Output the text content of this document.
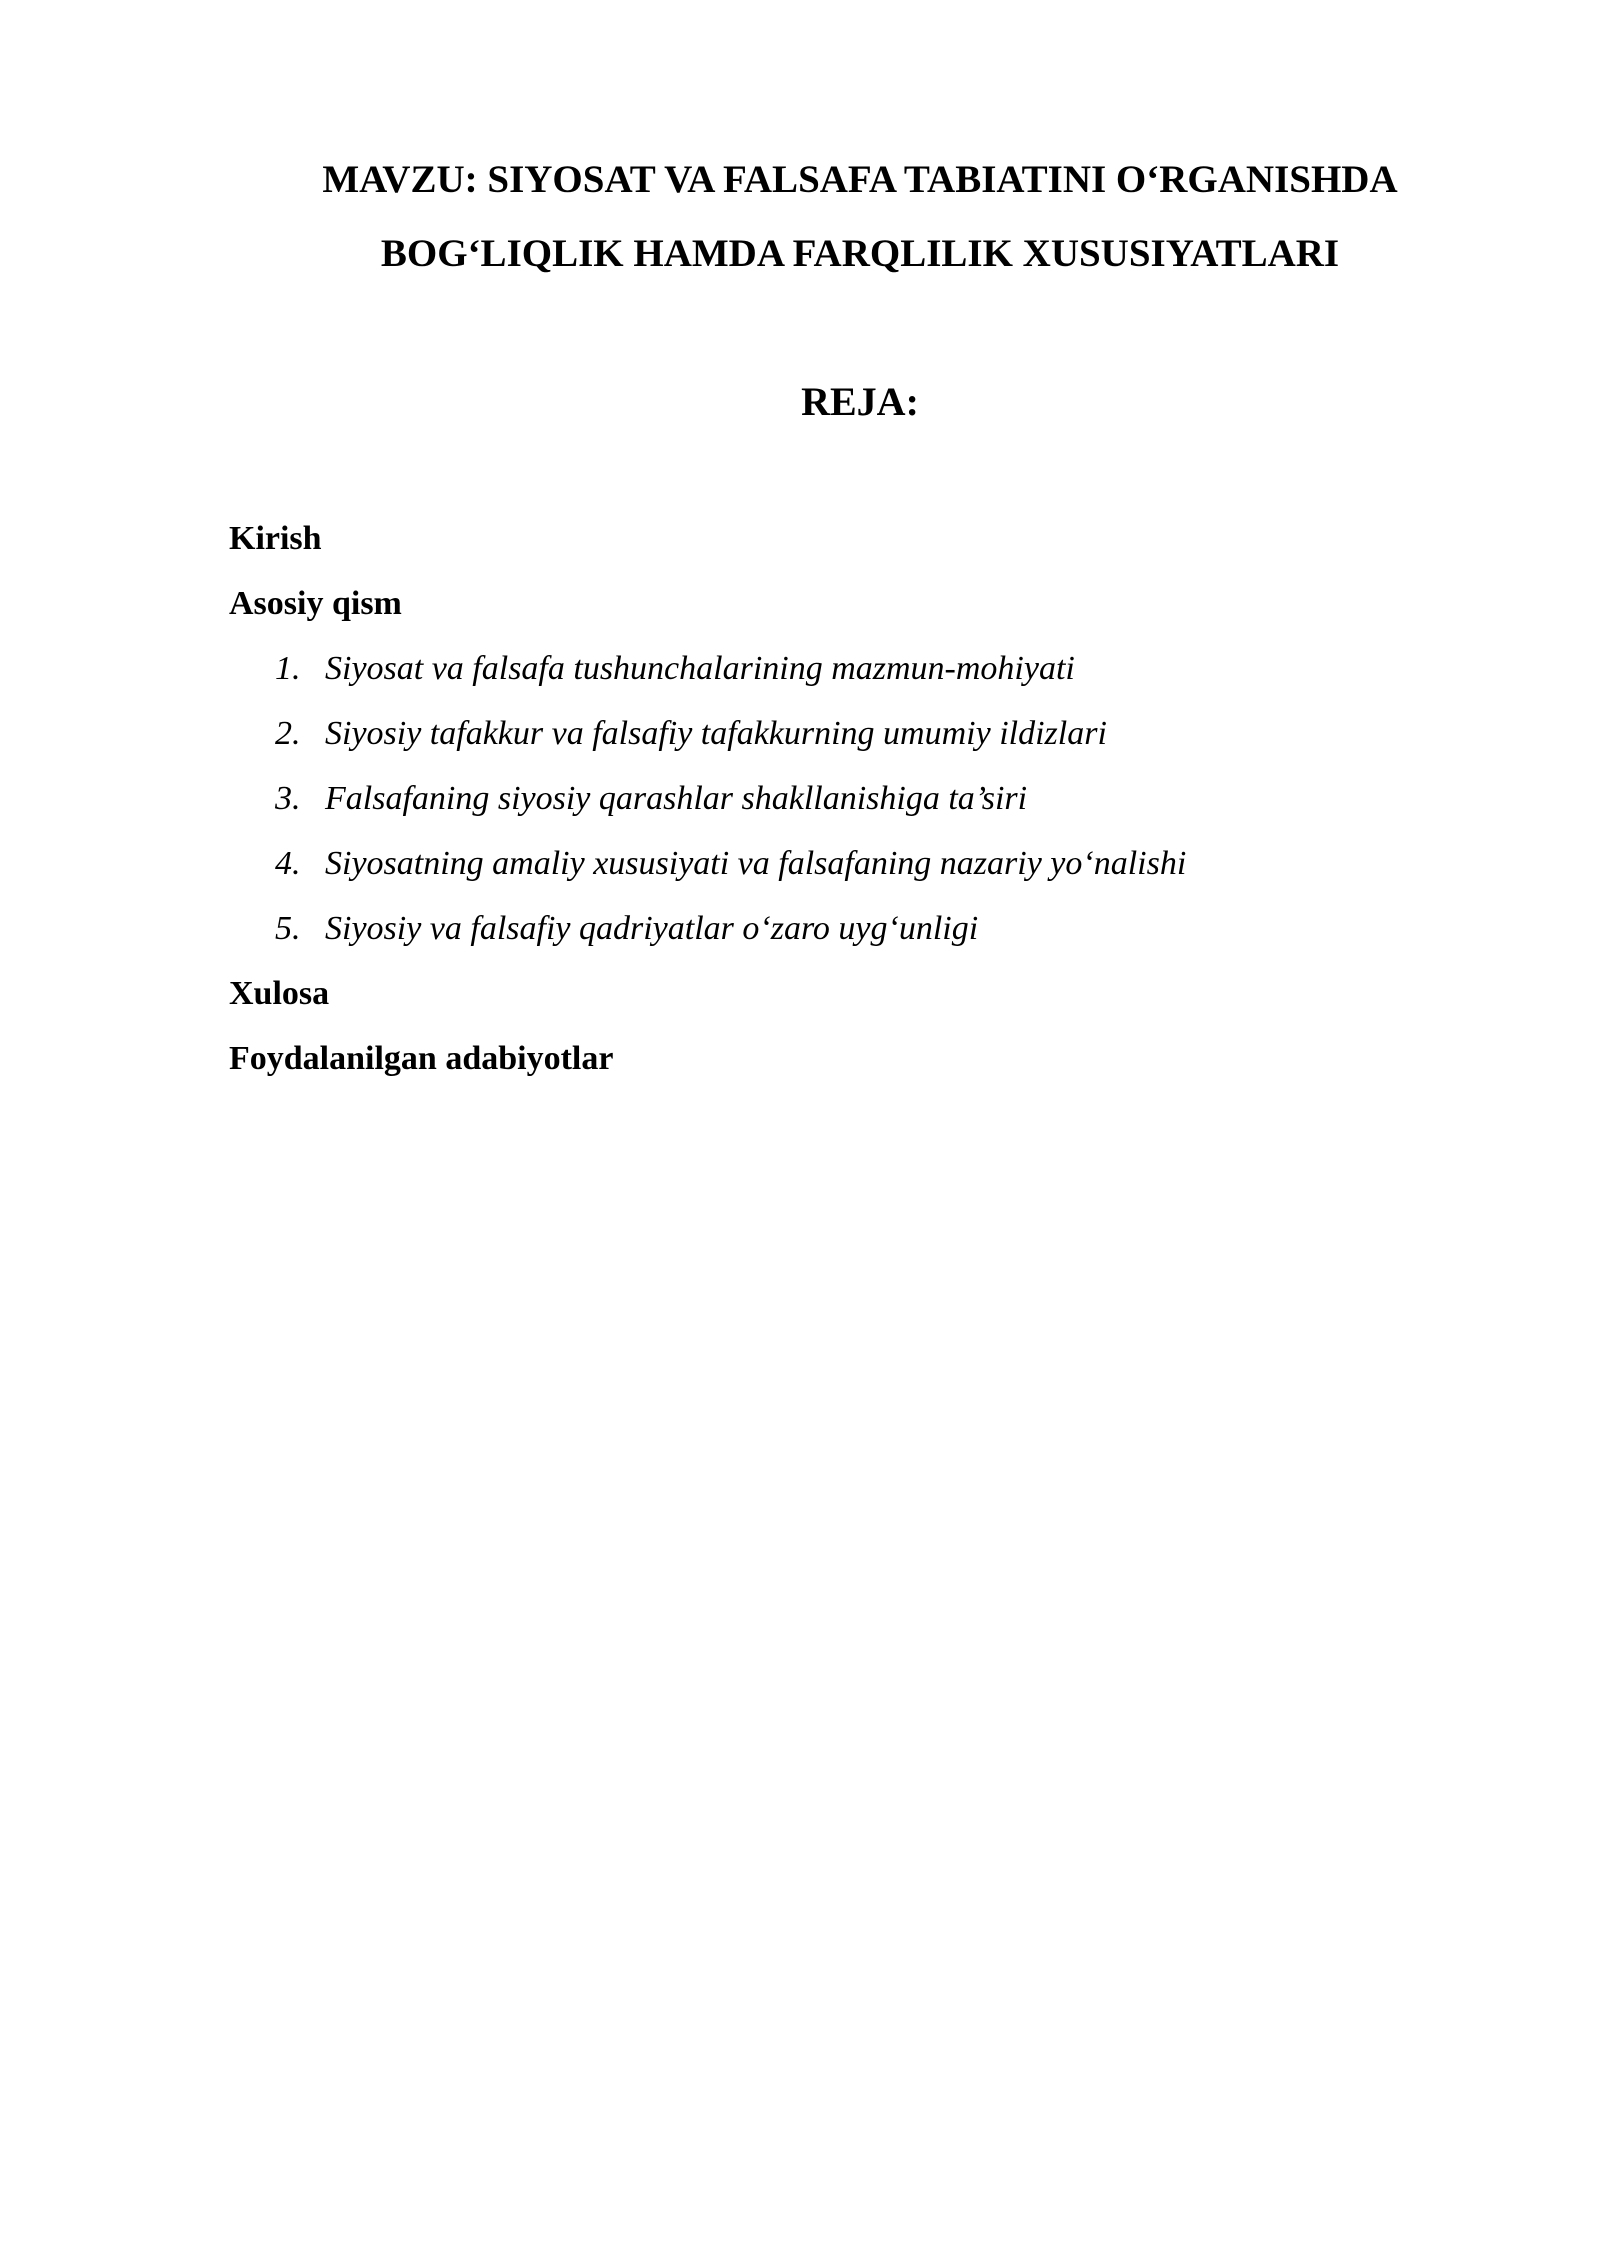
MAVZU: SIYOSAT VA FALSAFA TABIATINI O‘RGANISHDA
BOG‘LIQLIK HAMDA FARQLILIK XUSUSIYATLARI
REJA:
Kirish
Asosiy qism
1. Siyosat va falsafa tushunchalarining mazmun-mohiyati
2. Siyosiy tafakkur va falsafiy tafakkurning umumiy ildizlari
3. Falsafaning siyosiy qarashlar shakllanishiga ta’siri
4. Siyosatning amaliy xususiyati va falsafaning nazariy yo‘nalishi
5. Siyosiy va falsafiy qadriyatlar o‘zaro uyg‘unligi
Xulosa
Foydalanilgan adabiyotlar
